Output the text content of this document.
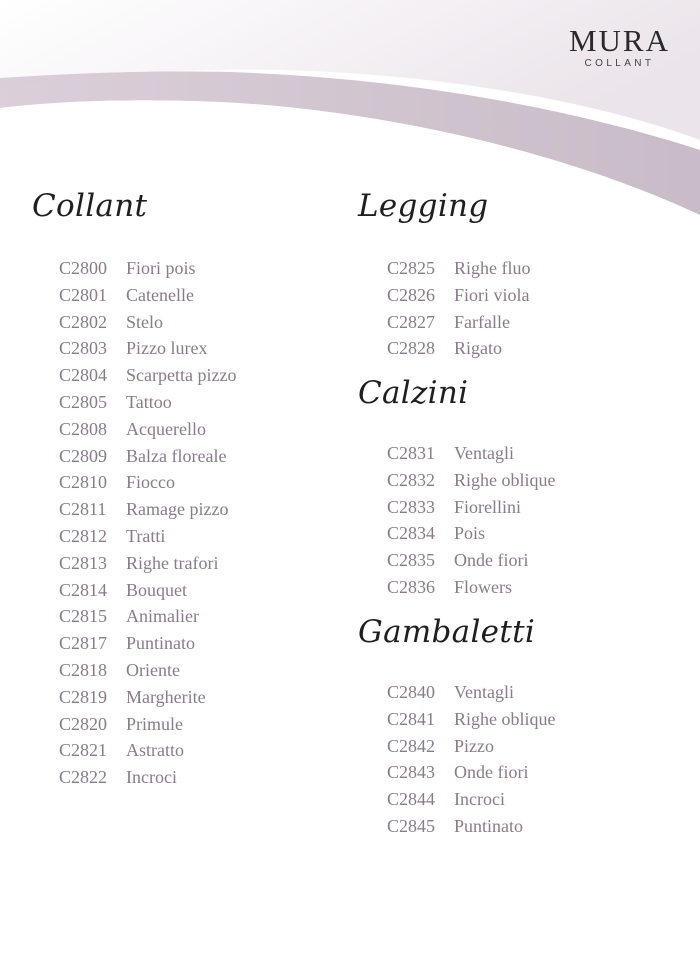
MURA
COLLANT
Collant
C2800 Fiori pois
C2801 Catenelle
C2802 Stelo
C2803 Pizzo lurex
C2804 Scarpetta pizzo
C2805 Tattoo
C2808 Acquerello
C2809 Balza floreale
C2810 Fiocco
C2811 Ramage pizzo
C2812 Tratti
C2813 Righe trafori
C2814 Bouquet
C2815 Animalier
C2817 Puntinato
C2818 Oriente
C2819 Margherite
C2820 Primule
C2821 Astratto
C2822 Incroci
Legging
C2825 Righe fluo
C2826 Fiori viola
C2827 Farfalle
C2828 Rigato
Calzini
C2831 Ventagli
C2832 Righe oblique
C2833 Fiorellini
C2834 Pois
C2835 Onde fiori
C2836 Flowers
Gambaletti
C2840 Ventagli
C2841 Righe oblique
C2842 Pizzo
C2843 Onde fiori
C2844 Incroci
C2845 Puntinato
